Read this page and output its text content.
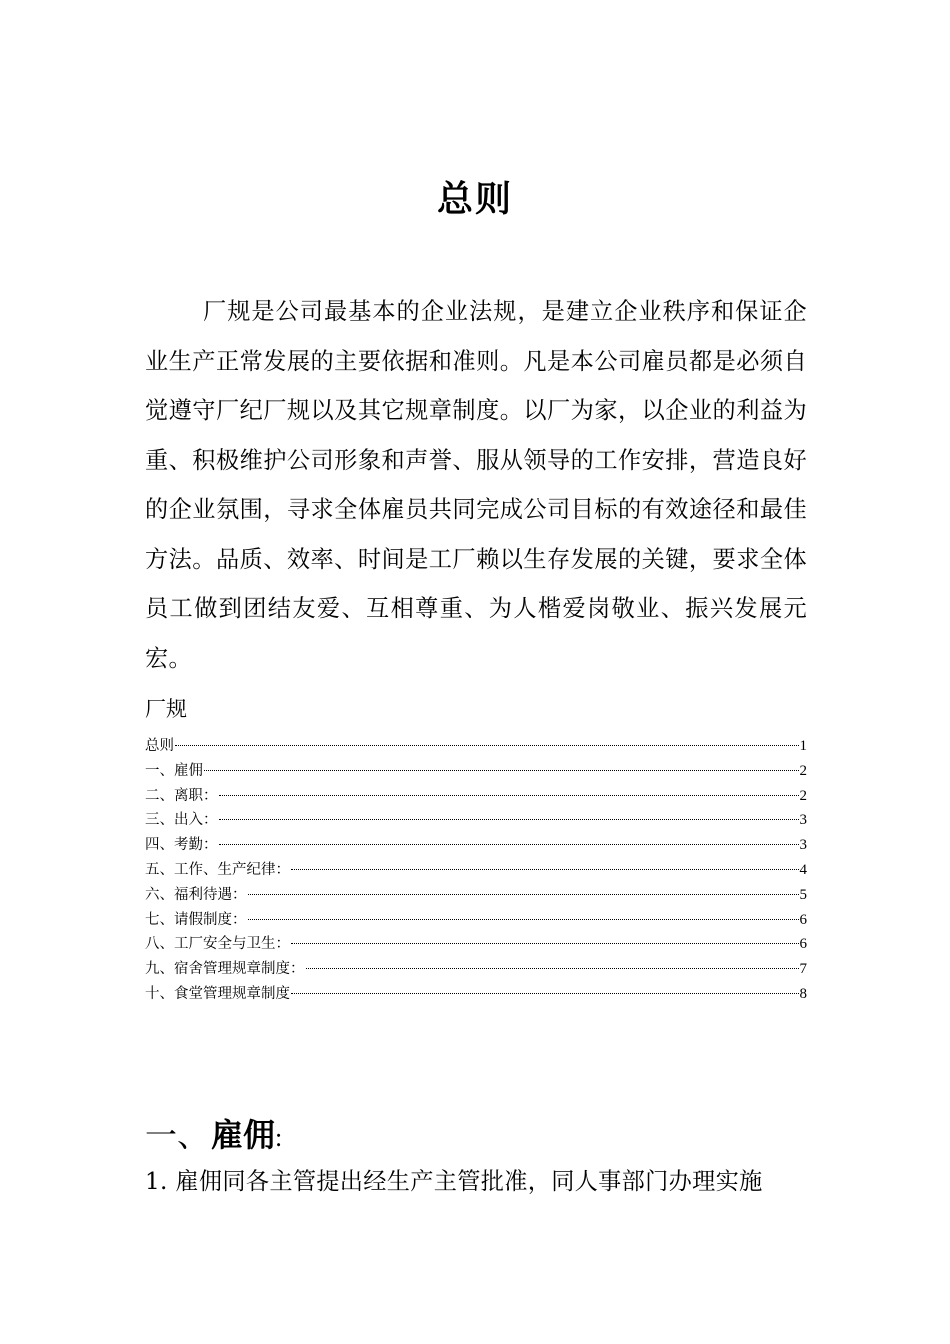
总则

厂规是公司最基本的企业法规，是建立企业秩序和保证企业生产正常发展的主要依据和准则。凡是本公司雇员都是必须自觉遵守厂纪厂规以及其它规章制度。以厂为家，以企业的利益为重、积极维护公司形象和声誉、服从领导的工作安排，营造良好的企业氛围，寻求全体雇员共同完成公司目标的有效途径和最佳方法。品质、效率、时间是工厂赖以生存发展的关键，要求全体员工做到团结友爱、互相尊重、为人楷爱岗敬业、振兴发展元宏。

厂规
总则	1
一、雇佣	2
二、离职：	2
三、出入：	3
四、考勤：	3
五、工作、生产纪律：	4
六、福利待遇：	5
七、请假制度：	6
八、工厂安全与卫生：	6
九、宿舍管理规章制度：	7
十、食堂管理规章制度	8
一、雇佣:

1. 雇佣同各主管提出经生产主管批准，同人事部门办理实施
